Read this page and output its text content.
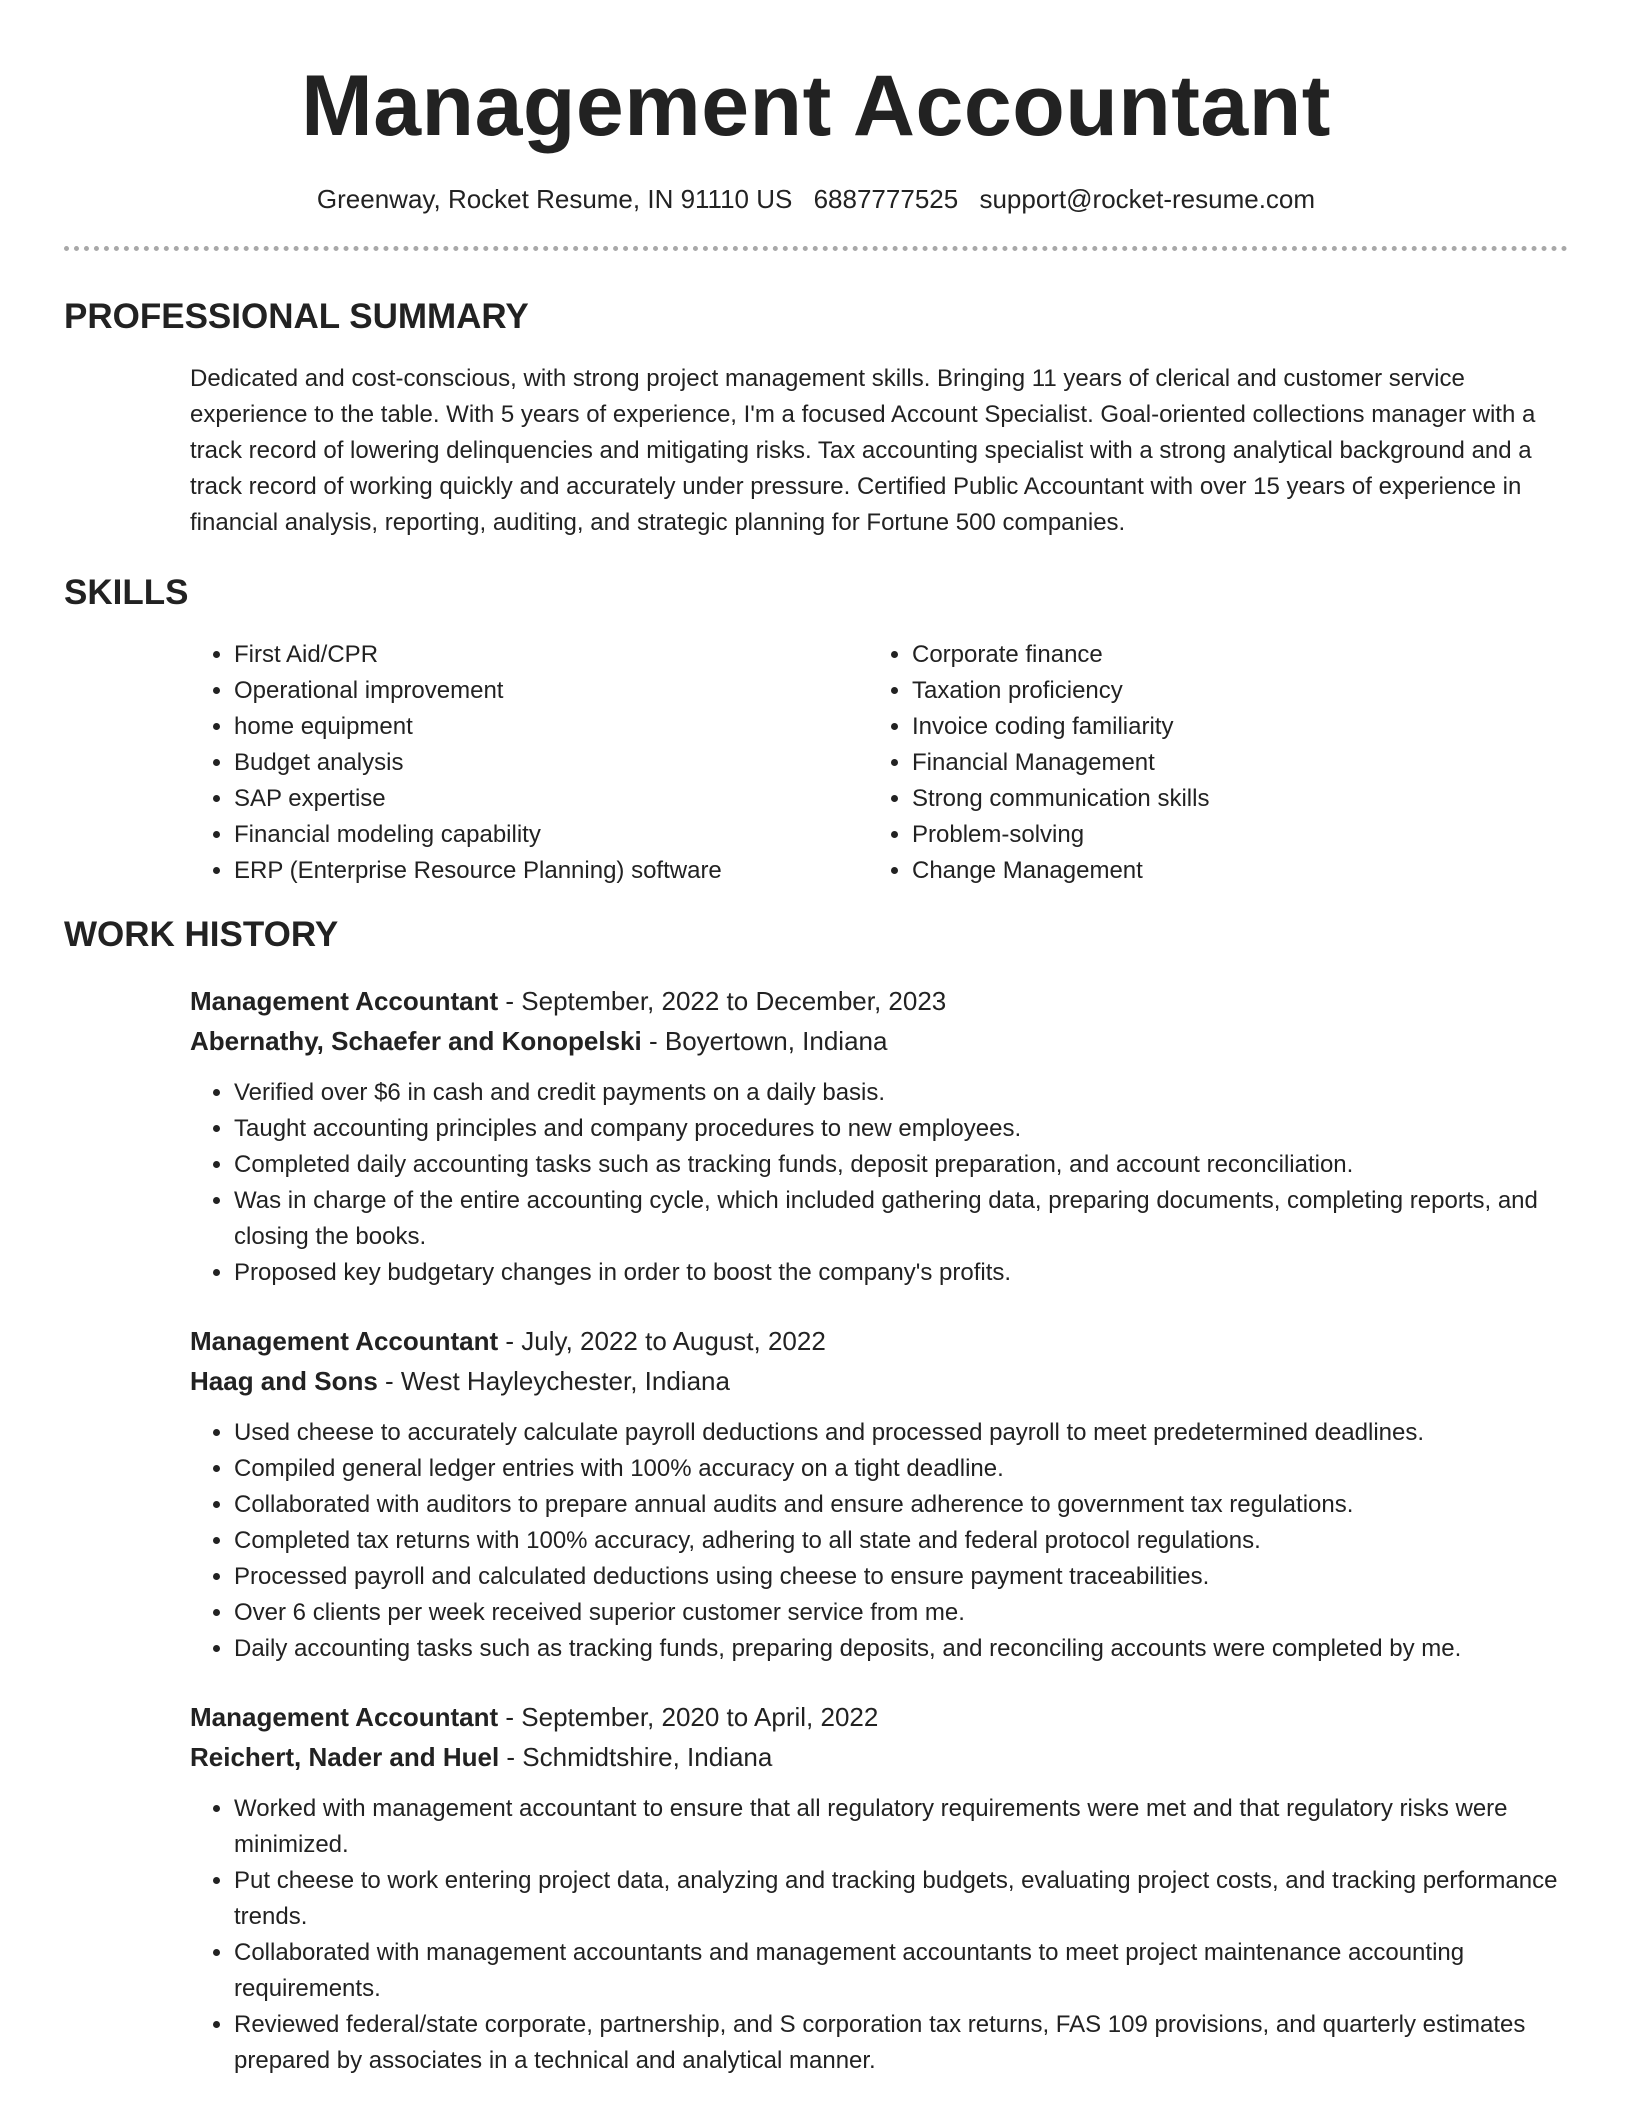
Management Accountant
Greenway, Rocket Resume, IN 91110 US 6887777525 support@rocket-resume.com
PROFESSIONAL SUMMARY

Dedicated and cost-conscious, with strong project management skills. Bringing 11 years of clerical and customer service experience to the table. With 5 years of experience, I'm a focused Account Specialist. Goal-oriented collections manager with a track record of lowering delinquencies and mitigating risks. Tax accounting specialist with a strong analytical background and a track record of working quickly and accurately under pressure. Certified Public Accountant with over 15 years of experience in financial analysis, reporting, auditing, and strategic planning for Fortune 500 companies.

SKILLS
• First Aid/CPR
• Operational improvement
• home equipment
• Budget analysis
• SAP expertise
• Financial modeling capability
• ERP (Enterprise Resource Planning) software
• Corporate finance
• Taxation proficiency
• Invoice coding familiarity
• Financial Management
• Strong communication skills
• Problem-solving
• Change Management
WORK HISTORY
Management Accountant - September, 2022 to December, 2023
Abernathy, Schaefer and Konopelski - Boyertown, Indiana
• Verified over $6 in cash and credit payments on a daily basis.
• Taught accounting principles and company procedures to new employees.
• Completed daily accounting tasks such as tracking funds, deposit preparation, and account reconciliation.
• Was in charge of the entire accounting cycle, which included gathering data, preparing documents, completing reports, and closing the books.
• Proposed key budgetary changes in order to boost the company's profits.
Management Accountant - July, 2022 to August, 2022
Haag and Sons - West Hayleychester, Indiana
• Used cheese to accurately calculate payroll deductions and processed payroll to meet predetermined deadlines.
• Compiled general ledger entries with 100% accuracy on a tight deadline.
• Collaborated with auditors to prepare annual audits and ensure adherence to government tax regulations.
• Completed tax returns with 100% accuracy, adhering to all state and federal protocol regulations.
• Processed payroll and calculated deductions using cheese to ensure payment traceabilities.
• Over 6 clients per week received superior customer service from me.
• Daily accounting tasks such as tracking funds, preparing deposits, and reconciling accounts were completed by me.
Management Accountant - September, 2020 to April, 2022
Reichert, Nader and Huel - Schmidtshire, Indiana
• Worked with management accountant to ensure that all regulatory requirements were met and that regulatory risks were minimized.
• Put cheese to work entering project data, analyzing and tracking budgets, evaluating project costs, and tracking performance trends.
• Collaborated with management accountants and management accountants to meet project maintenance accounting requirements.
• Reviewed federal/state corporate, partnership, and S corporation tax returns, FAS 109 provisions, and quarterly estimates prepared by associates in a technical and analytical manner.
